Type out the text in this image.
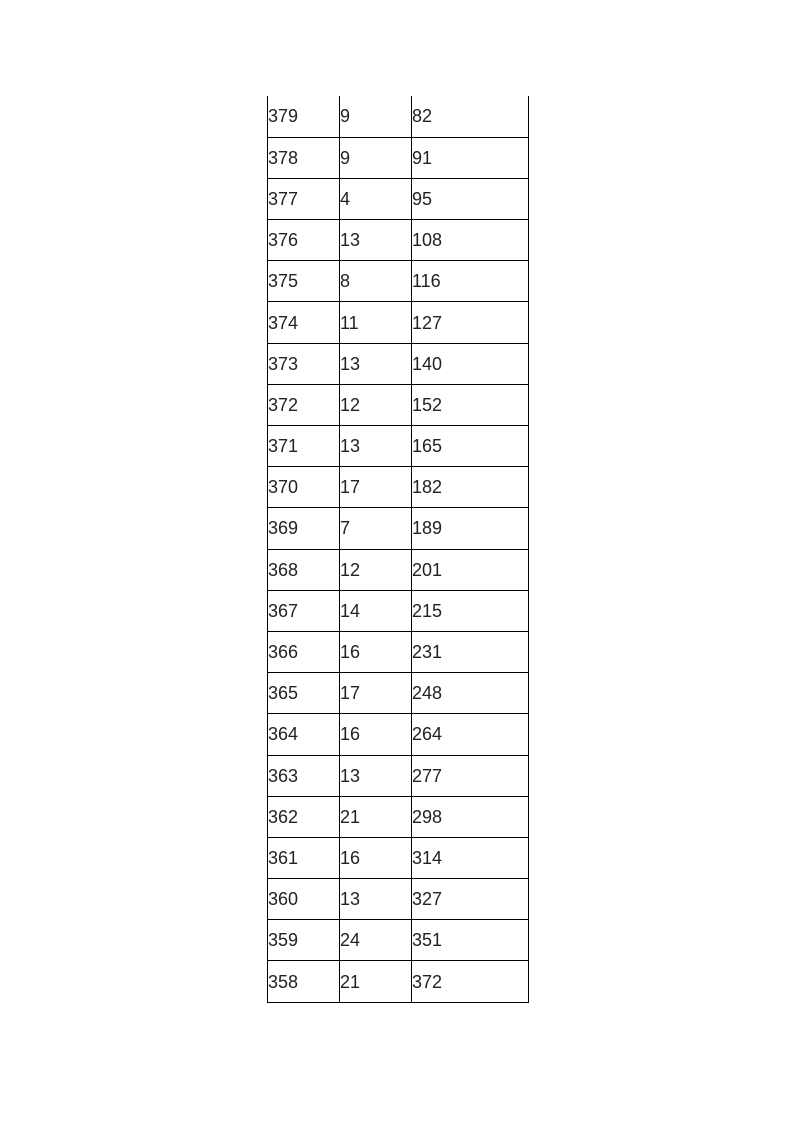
379	9	82
378	9	91
377	4	95
376	13	108
375	8	116
374	11	127
373	13	140
372	12	152
371	13	165
370	17	182
369	7	189
368	12	201
367	14	215
366	16	231
365	17	248
364	16	264
363	13	277
362	21	298
361	16	314
360	13	327
359	24	351
358	21	372
